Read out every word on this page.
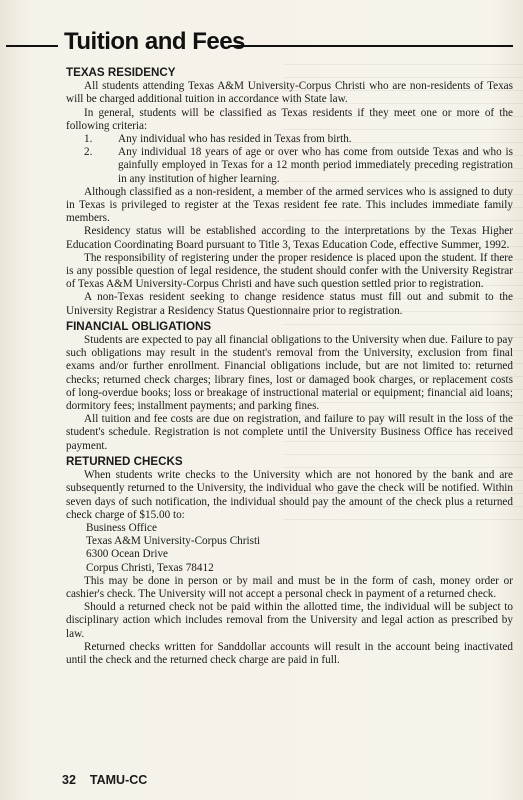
Tuition and Fees
TEXAS RESIDENCY

All students attending Texas A&M University-Corpus Christi who are non-residents of Texas will be charged additional tuition in accordance with State law.

In general, students will be classified as Texas residents if they meet one or more of the following criteria:

1. Any individual who has resided in Texas from birth.
2. Any individual 18 years of age or over who has come from outside Texas and who is gainfully employed in Texas for a 12 month period immediately preceding registration in any institution of higher learning.

Although classified as a non-resident, a member of the armed services who is assigned to duty in Texas is privileged to register at the Texas resident fee rate. This includes immediate family members.

Residency status will be established according to the interpretations by the Texas Higher Education Coordinating Board pursuant to Title 3, Texas Education Code, effective Summer, 1992.

The responsibility of registering under the proper residence is placed upon the student. If there is any possible question of legal residence, the student should confer with the University Registrar of Texas A&M University-Corpus Christi and have such question settled prior to registration.

A non-Texas resident seeking to change residence status must fill out and submit to the University Registrar a Residency Status Questionnaire prior to registration.

FINANCIAL OBLIGATIONS

Students are expected to pay all financial obligations to the University when due. Failure to pay such obligations may result in the student's removal from the University, exclusion from final exams and/or further enrollment. Financial obligations include, but are not limited to: returned checks; returned check charges; library fines, lost or damaged book charges, or replacement costs of long-overdue books; loss or breakage of instructional material or equipment; financial aid loans; dormitory fees; installment payments; and parking fines.

All tuition and fee costs are due on registration, and failure to pay will result in the loss of the student's schedule. Registration is not complete until the University Business Office has received payment.

RETURNED CHECKS

When students write checks to the University which are not honored by the bank and are subsequently returned to the University, the individual who gave the check will be notified. Within seven days of such notification, the individual should pay the amount of the check plus a returned check charge of $15.00 to:

Business Office
Texas A&M University-Corpus Christi
6300 Ocean Drive
Corpus Christi, Texas 78412

This may be done in person or by mail and must be in the form of cash, money order or cashier's check. The University will not accept a personal check in payment of a returned check.

Should a returned check not be paid within the allotted time, the individual will be subject to disciplinary action which includes removal from the University and legal action as prescribed by law.

Returned checks written for Sanddollar accounts will result in the account being inactivated until the check and the returned check charge are paid in full.

32 TAMU-CC
